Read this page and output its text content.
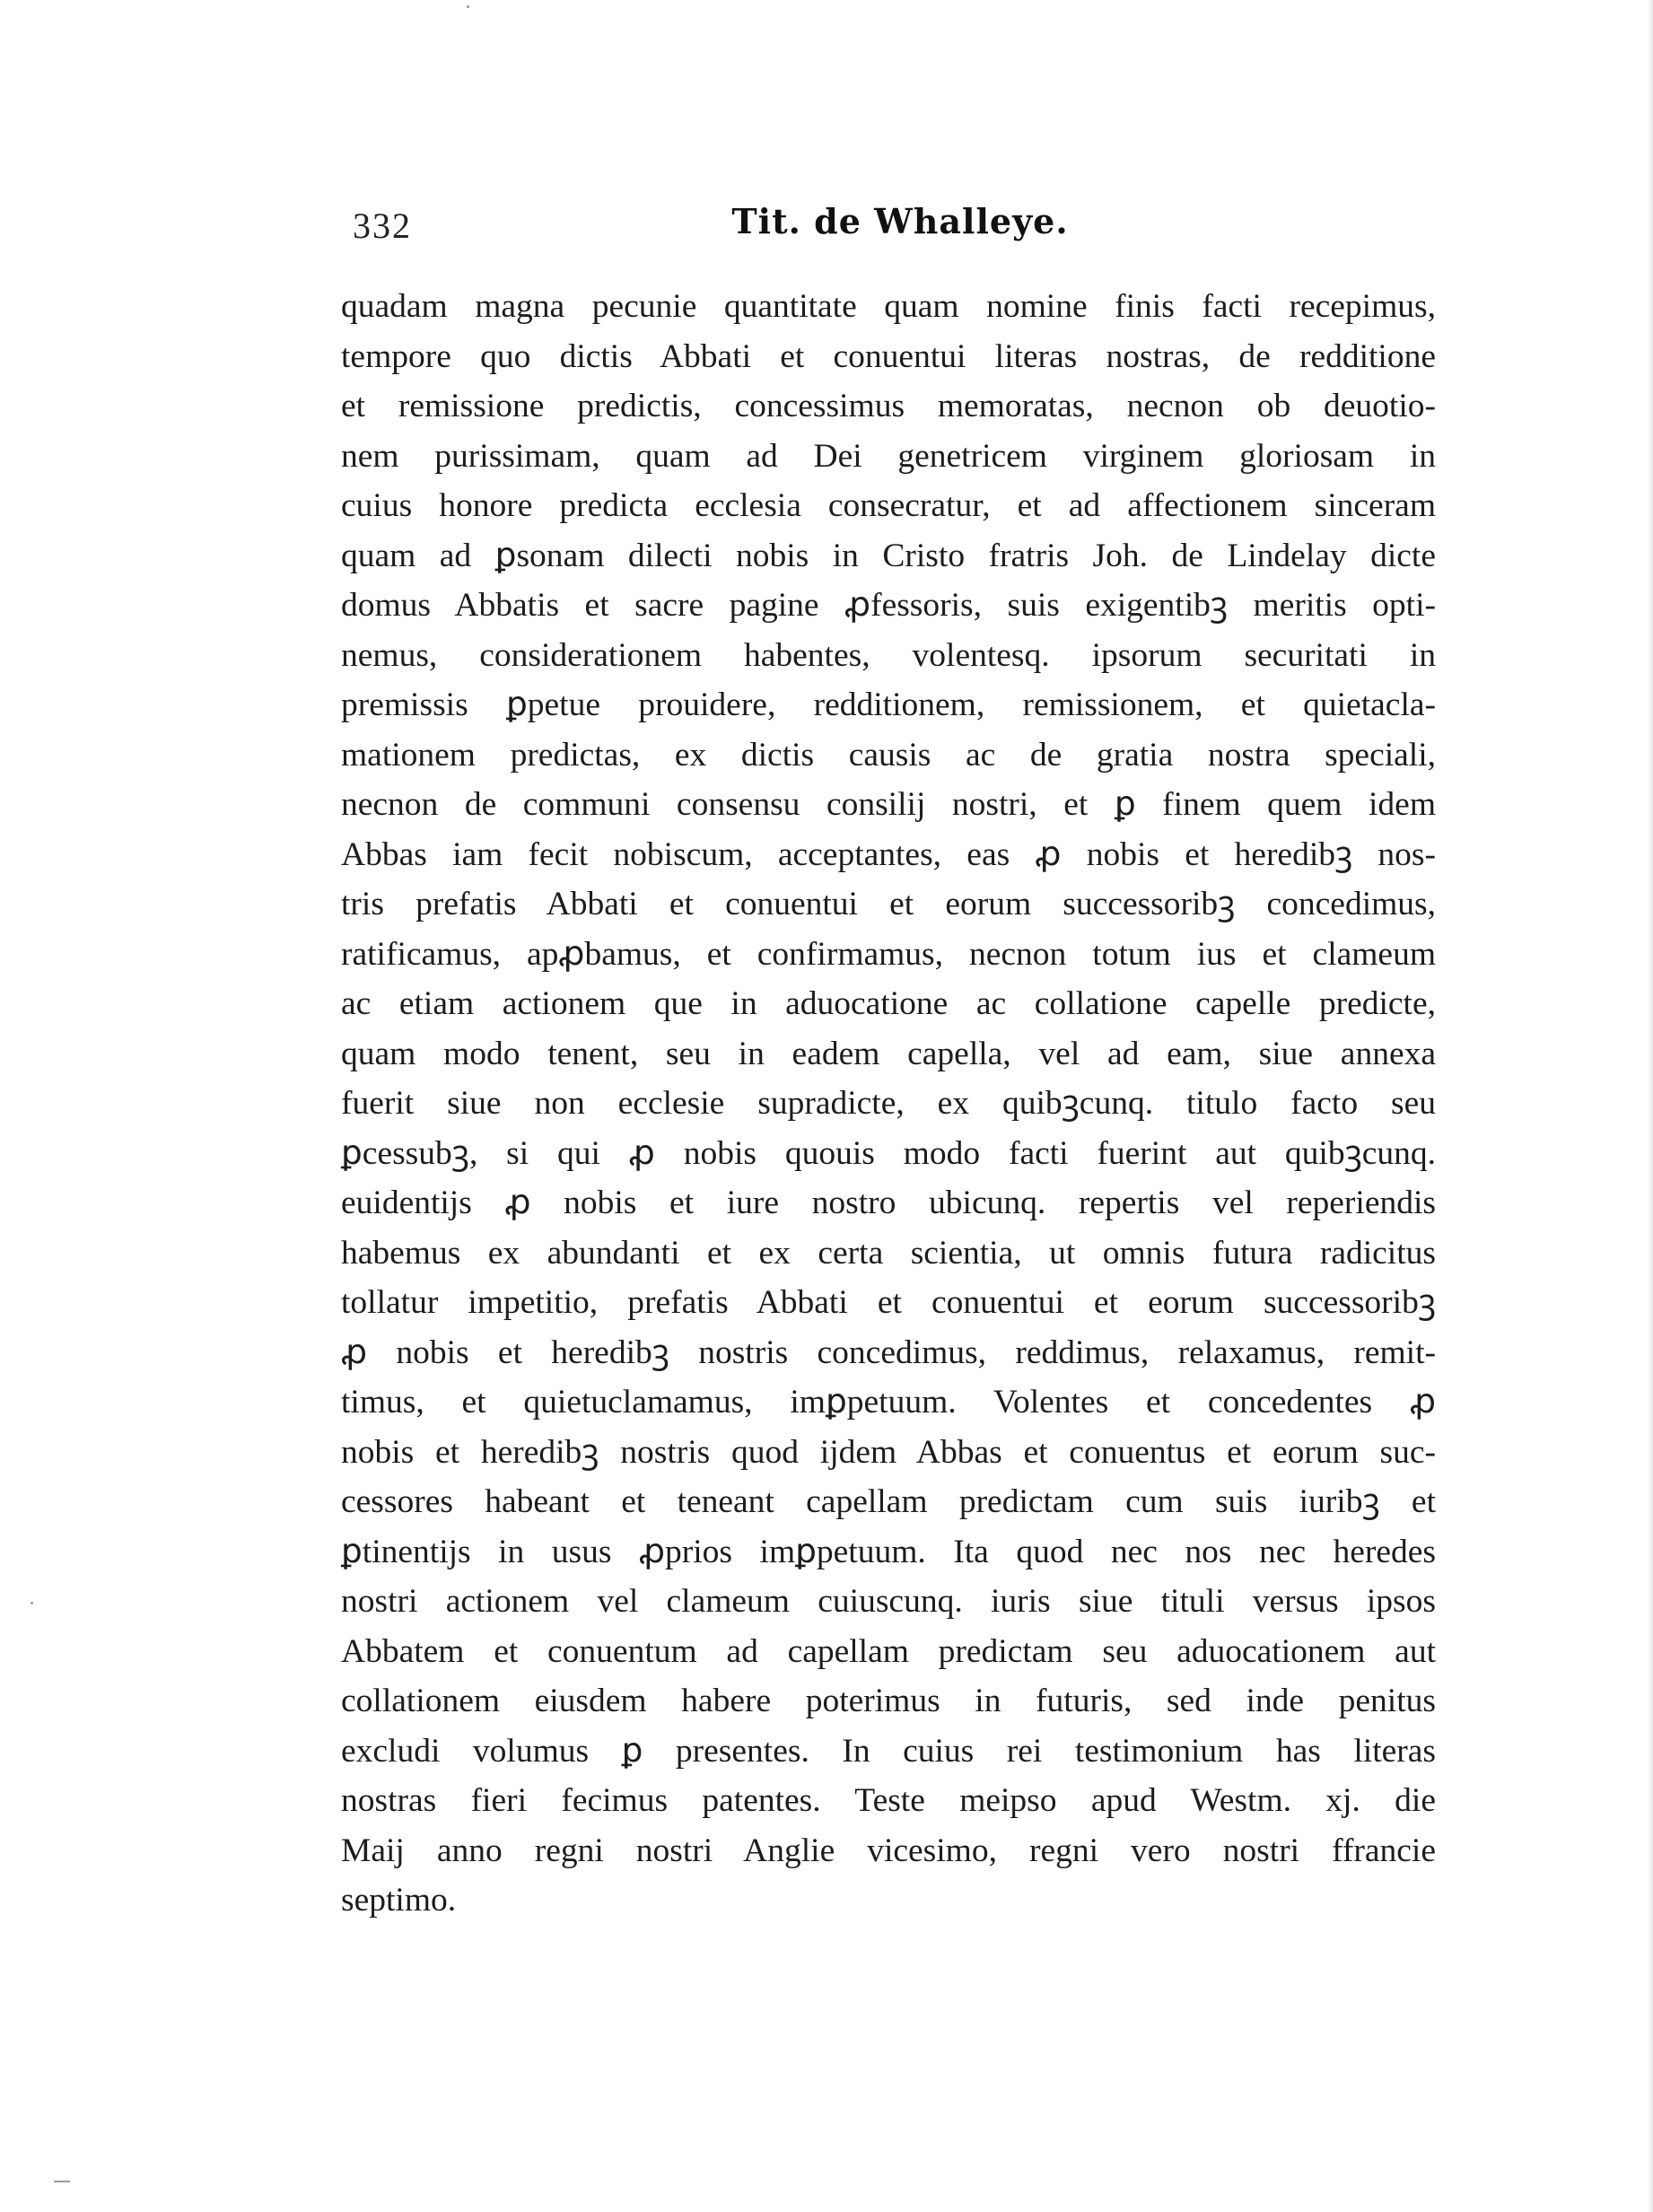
332	Tit. de Whalleye.
quadam magna pecunie quantitate quam nomine finis facti recepimus,
tempore quo dictis Abbati et conuentui literas nostras, de redditione
et remissione predictis, concessimus memoratas, necnon ob deuotio-
nem purissimam, quam ad Dei genetricem virginem gloriosam in
cuius honore predicta ecclesia consecratur, et ad affectionem sinceram
quam ad ꝑsonam dilecti nobis in Cristo fratris Joh. de Lindelay dicte
domus Abbatis et sacre pagine ꝓfessoris, suis exigentibꝫ meritis opti-
nemus, considerationem habentes, volentesq. ipsorum securitati in
premissis ꝑpetue prouidere, redditionem, remissionem, et quietacla-
mationem predictas, ex dictis causis ac de gratia nostra speciali,
necnon de communi consensu consilij nostri, et ꝑ finem quem idem
Abbas iam fecit nobiscum, acceptantes, eas ꝓ nobis et heredibꝫ nos-
tris prefatis Abbati et conuentui et eorum successoribꝫ concedimus,
ratificamus, apꝓbamus, et confirmamus, necnon totum ius et clameum
ac etiam actionem que in aduocatione ac collatione capelle predicte,
quam modo tenent, seu in eadem capella, vel ad eam, siue annexa
fuerit siue non ecclesie supradicte, ex quibꝫcunq. titulo facto seu
ꝑcessubꝫ, si qui ꝓ nobis quouis modo facti fuerint aut quibꝫcunq.
euidentijs ꝓ nobis et iure nostro ubicunq. repertis vel reperiendis
habemus ex abundanti et ex certa scientia, ut omnis futura radicitus
tollatur impetitio, prefatis Abbati et conuentui et eorum successoribꝫ
ꝓ nobis et heredibꝫ nostris concedimus, reddimus, relaxamus, remit-
timus, et quietuclamamus, imꝑpetuum. Volentes et concedentes ꝓ
nobis et heredibꝫ nostris quod ijdem Abbas et conuentus et eorum suc-
cessores habeant et teneant capellam predictam cum suis iuribꝫ et
ꝑtinentijs in usus ꝓprios imꝑpetuum. Ita quod nec nos nec heredes
nostri actionem vel clameum cuiuscunq. iuris siue tituli versus ipsos
Abbatem et conuentum ad capellam predictam seu aduocationem aut
collationem eiusdem habere poterimus in futuris, sed inde penitus
excludi volumus ꝑ presentes. In cuius rei testimonium has literas
nostras fieri fecimus patentes. Teste meipso apud Westm. xj. die
Maij anno regni nostri Anglie vicesimo, regni vero nostri ffrancie
septimo.
